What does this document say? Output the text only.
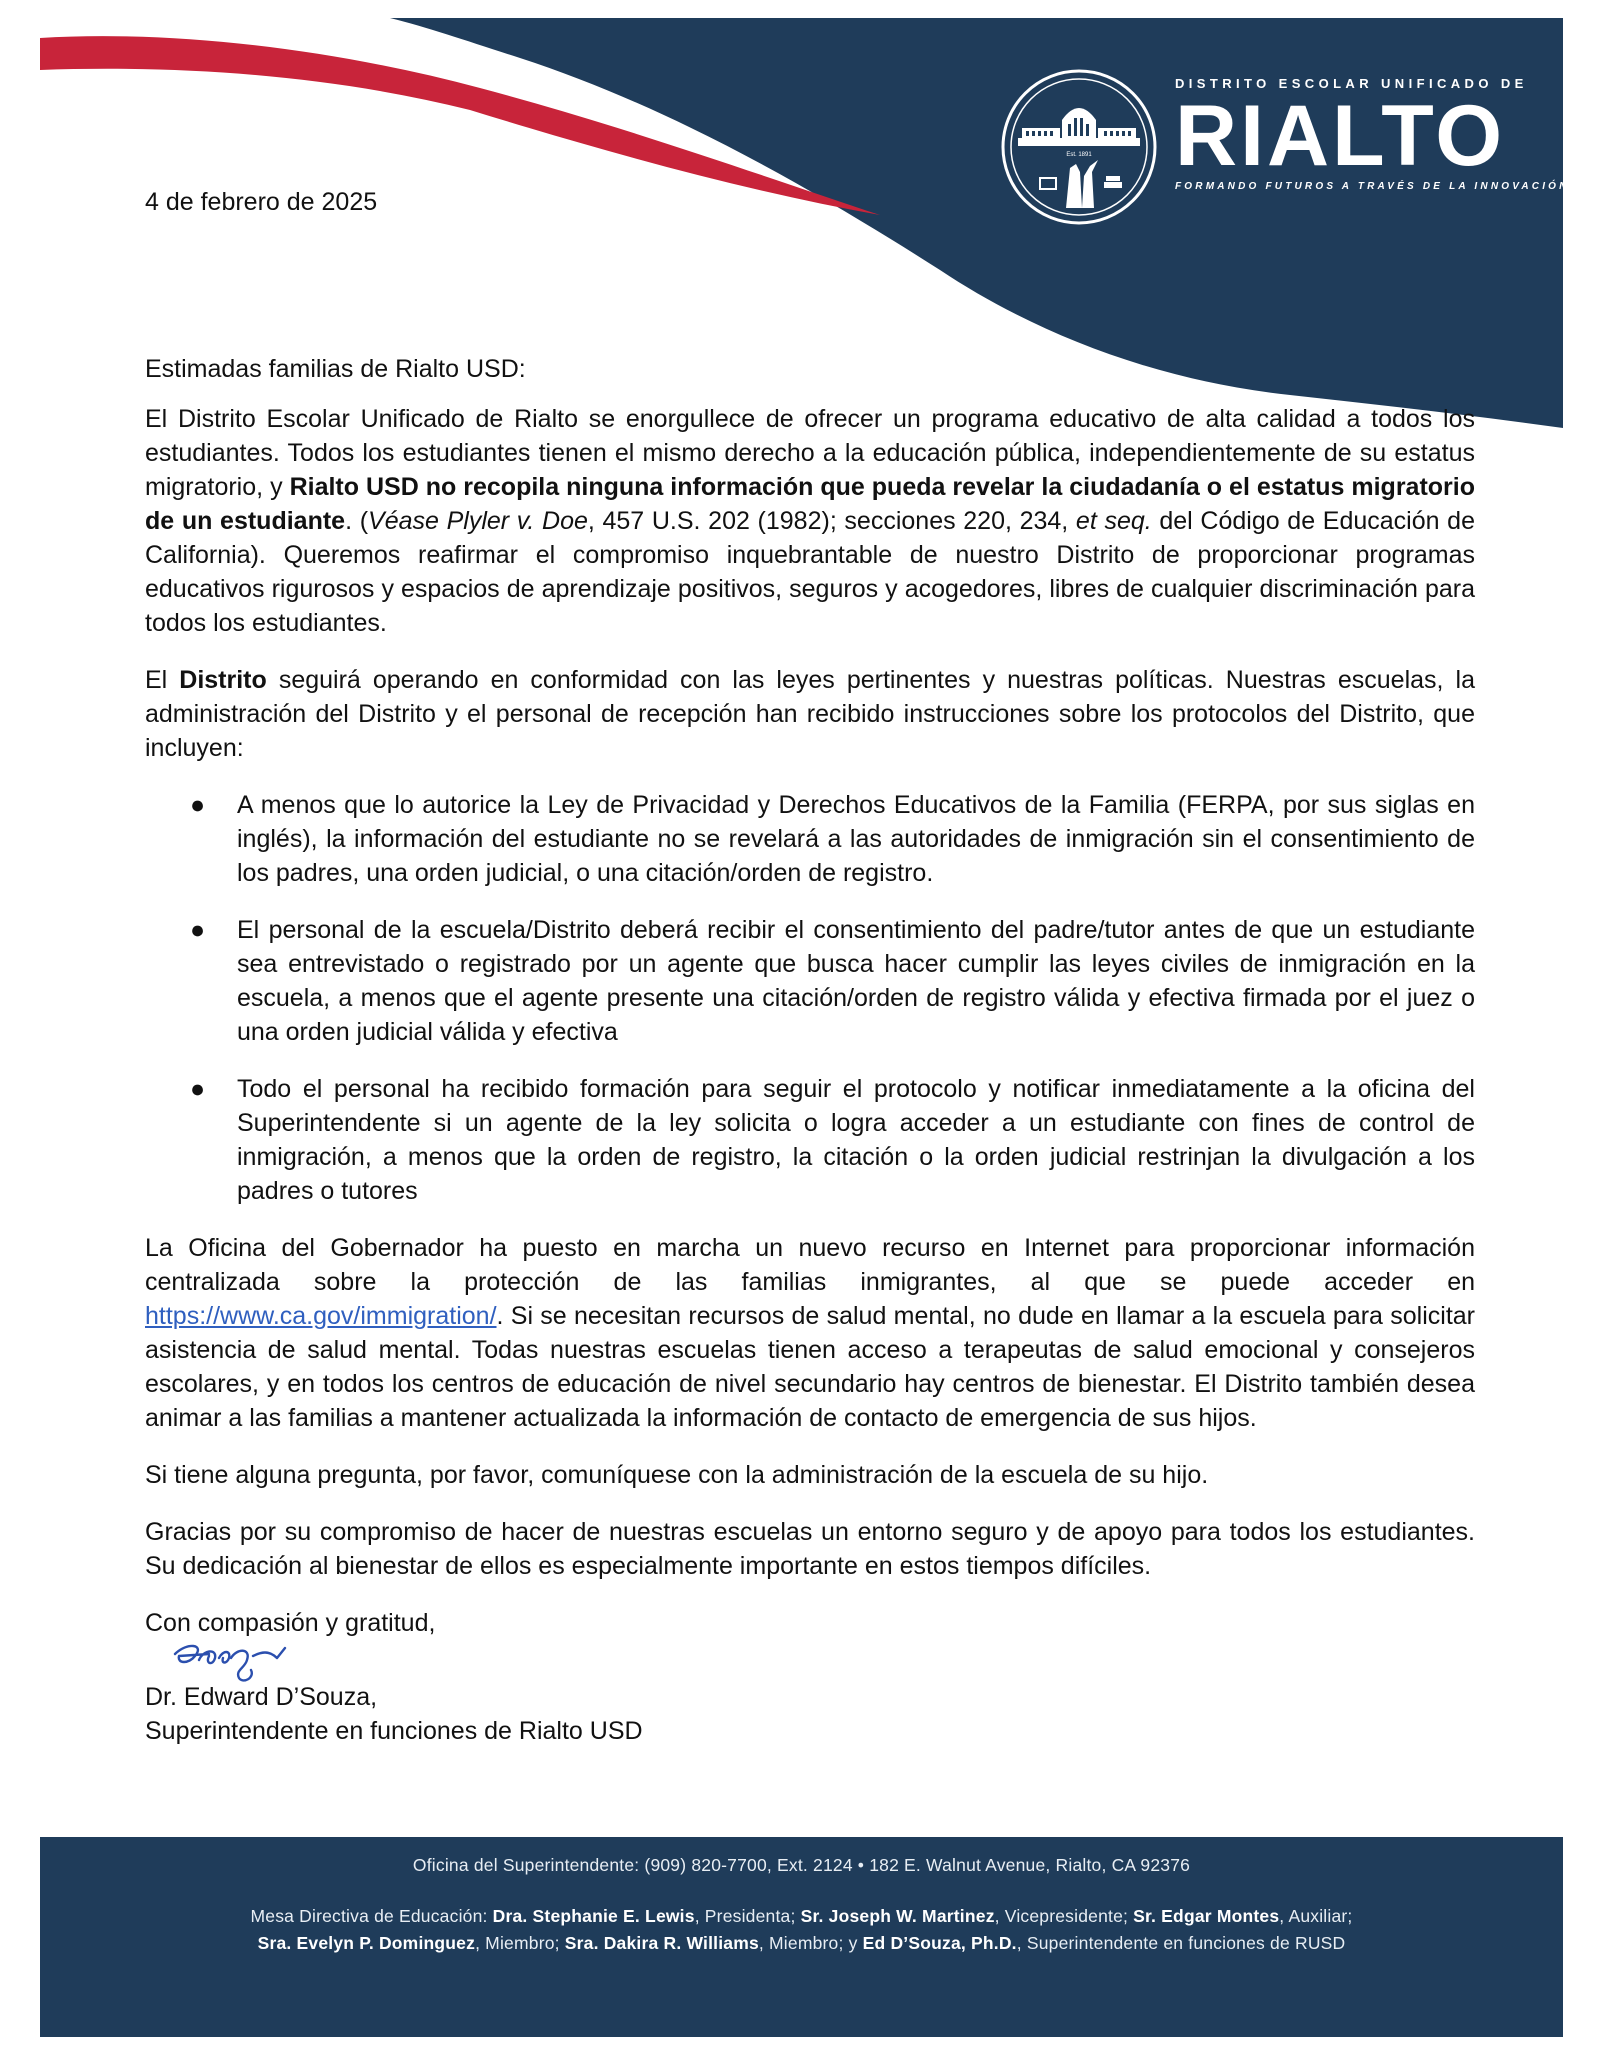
Est. 1891
DISTRITO ESCOLAR UNIFICADO DE
RIALTO
FORMANDO FUTUROS A TRAVÉS DE LA INNOVACIÓN
4 de febrero de 2025

Estimadas familias de Rialto USD:

El Distrito Escolar Unificado de Rialto se enorgullece de ofrecer un programa educativo de alta calidad a todos los estudiantes. Todos los estudiantes tienen el mismo derecho a la educación pública, independientemente de su estatus migratorio, y Rialto USD no recopila ninguna información que pueda revelar la ciudadanía o el estatus migratorio de un estudiante. (Véase Plyler v. Doe, 457 U.S. 202 (1982); secciones 220, 234, et seq. del Código de Educación de California). Queremos reafirmar el compromiso inquebrantable de nuestro Distrito de proporcionar programas educativos rigurosos y espacios de aprendizaje positivos, seguros y acogedores, libres de cualquier discriminación para todos los estudiantes.

El Distrito seguirá operando en conformidad con las leyes pertinentes y nuestras políticas. Nuestras escuelas, la administración del Distrito y el personal de recepción han recibido instrucciones sobre los protocolos del Distrito, que incluyen:

● A menos que lo autorice la Ley de Privacidad y Derechos Educativos de la Familia (FERPA, por sus siglas en inglés), la información del estudiante no se revelará a las autoridades de inmigración sin el consentimiento de los padres, una orden judicial, o una citación/orden de registro.
● El personal de la escuela/Distrito deberá recibir el consentimiento del padre/tutor antes de que un estudiante sea entrevistado o registrado por un agente que busca hacer cumplir las leyes civiles de inmigración en la escuela, a menos que el agente presente una citación/orden de registro válida y efectiva firmada por el juez o una orden judicial válida y efectiva
● Todo el personal ha recibido formación para seguir el protocolo y notificar inmediatamente a la oficina del Superintendente si un agente de la ley solicita o logra acceder a un estudiante con fines de control de inmigración, a menos que la orden de registro, la citación o la orden judicial restrinjan la divulgación a los padres o tutores

La Oficina del Gobernador ha puesto en marcha un nuevo recurso en Internet para proporcionar información centralizada sobre la protección de las familias inmigrantes, al que se puede acceder en https://www.ca.gov/immigration/. Si se necesitan recursos de salud mental, no dude en llamar a la escuela para solicitar asistencia de salud mental. Todas nuestras escuelas tienen acceso a terapeutas de salud emocional y consejeros escolares, y en todos los centros de educación de nivel secundario hay centros de bienestar. El Distrito también desea animar a las familias a mantener actualizada la información de contacto de emergencia de sus hijos.

Si tiene alguna pregunta, por favor, comuníquese con la administración de la escuela de su hijo.

Gracias por su compromiso de hacer de nuestras escuelas un entorno seguro y de apoyo para todos los estudiantes. Su dedicación al bienestar de ellos es especialmente importante en estos tiempos difíciles.

Con compasión y gratitud,

Dr. Edward D’Souza,

Superintendente en funciones de Rialto USD

Oficina del Superintendente: (909) 820-7700, Ext. 2124 • 182 E. Walnut Avenue, Rialto, CA 92376
Mesa Directiva de Educación: Dra. Stephanie E. Lewis, Presidenta; Sr. Joseph W. Martinez, Vicepresidente; Sr. Edgar Montes, Auxiliar;
Sra. Evelyn P. Dominguez, Miembro; Sra. Dakira R. Williams, Miembro; y Ed D’Souza, Ph.D., Superintendente en funciones de RUSD
